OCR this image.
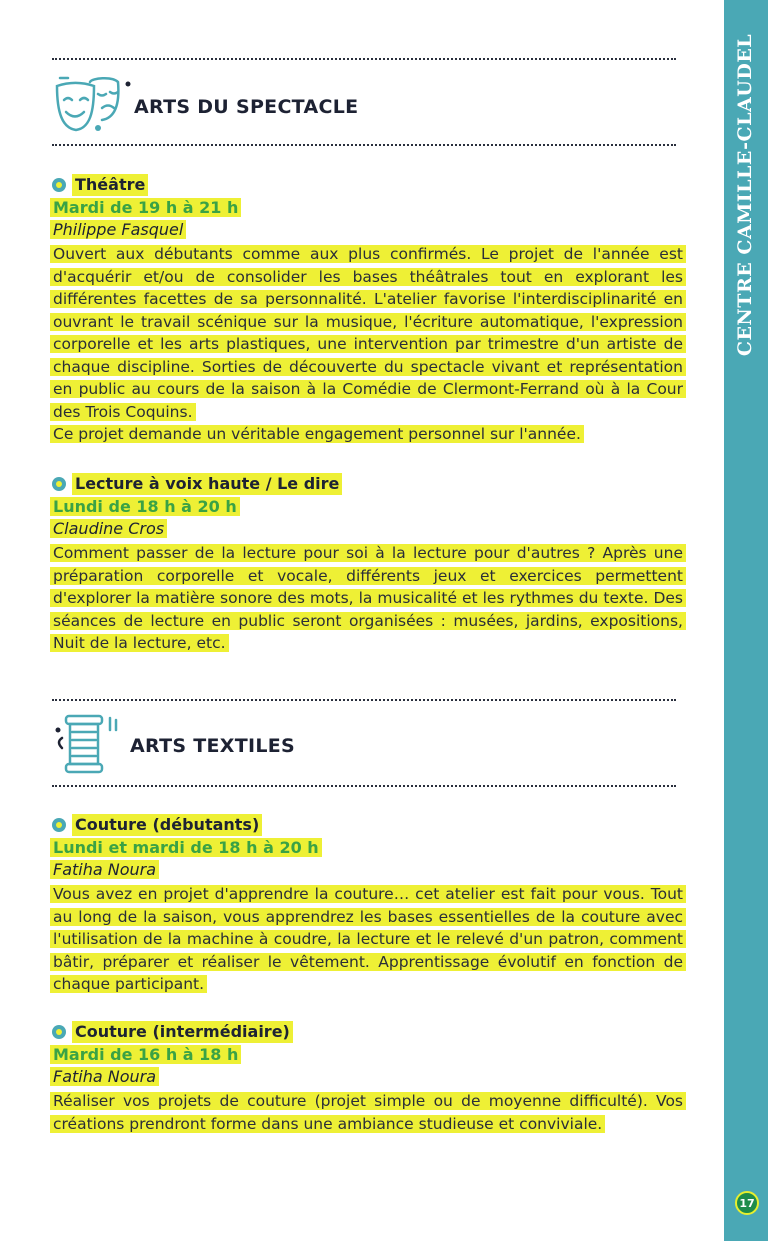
CENTRE CAMILLE-CLAUDEL
17
ARTS DU SPECTACLE
Théâtre
Mardi de 19 h à 21 h
Philippe Fasquel

Ouvert aux débutants comme aux plus confirmés. Le projet de l'année est d'acquérir et/ou de consolider les bases théâtrales tout en explorant les différentes facettes de sa personnalité. L'atelier favorise l'interdisciplinarité en ouvrant le travail scénique sur la musique, l'écriture automatique, l'expression corporelle et les arts plastiques, une intervention par trimestre d'un artiste de chaque discipline. Sorties de découverte du spectacle vivant et représentation en public au cours de la saison à la Comédie de Clermont-Ferrand où à la Cour des Trois Coquins.

Ce projet demande un véritable engagement personnel sur l'année.

Lecture à voix haute / Le dire
Lundi de 18 h à 20 h
Claudine Cros

Comment passer de la lecture pour soi à la lecture pour d'autres ? Après une préparation corporelle et vocale, différents jeux et exercices permettent d'explorer la matière sonore des mots, la musicalité et les rythmes du texte. Des séances de lecture en public seront organisées : musées, jardins, expositions, Nuit de la lecture, etc.

ARTS TEXTILES
Couture (débutants)
Lundi et mardi de 18 h à 20 h
Fatiha Noura

Vous avez en projet d'apprendre la couture… cet atelier est fait pour vous. Tout au long de la saison, vous apprendrez les bases essentielles de la couture avec l'utilisation de la machine à coudre, la lecture et le relevé d'un patron, comment bâtir, préparer et réaliser le vêtement. Apprentissage évolutif en fonction de chaque participant.

Couture (intermédiaire)
Mardi de 16 h à 18 h
Fatiha Noura

Réaliser vos projets de couture (projet simple ou de moyenne difficulté). Vos créations prendront forme dans une ambiance studieuse et conviviale.
